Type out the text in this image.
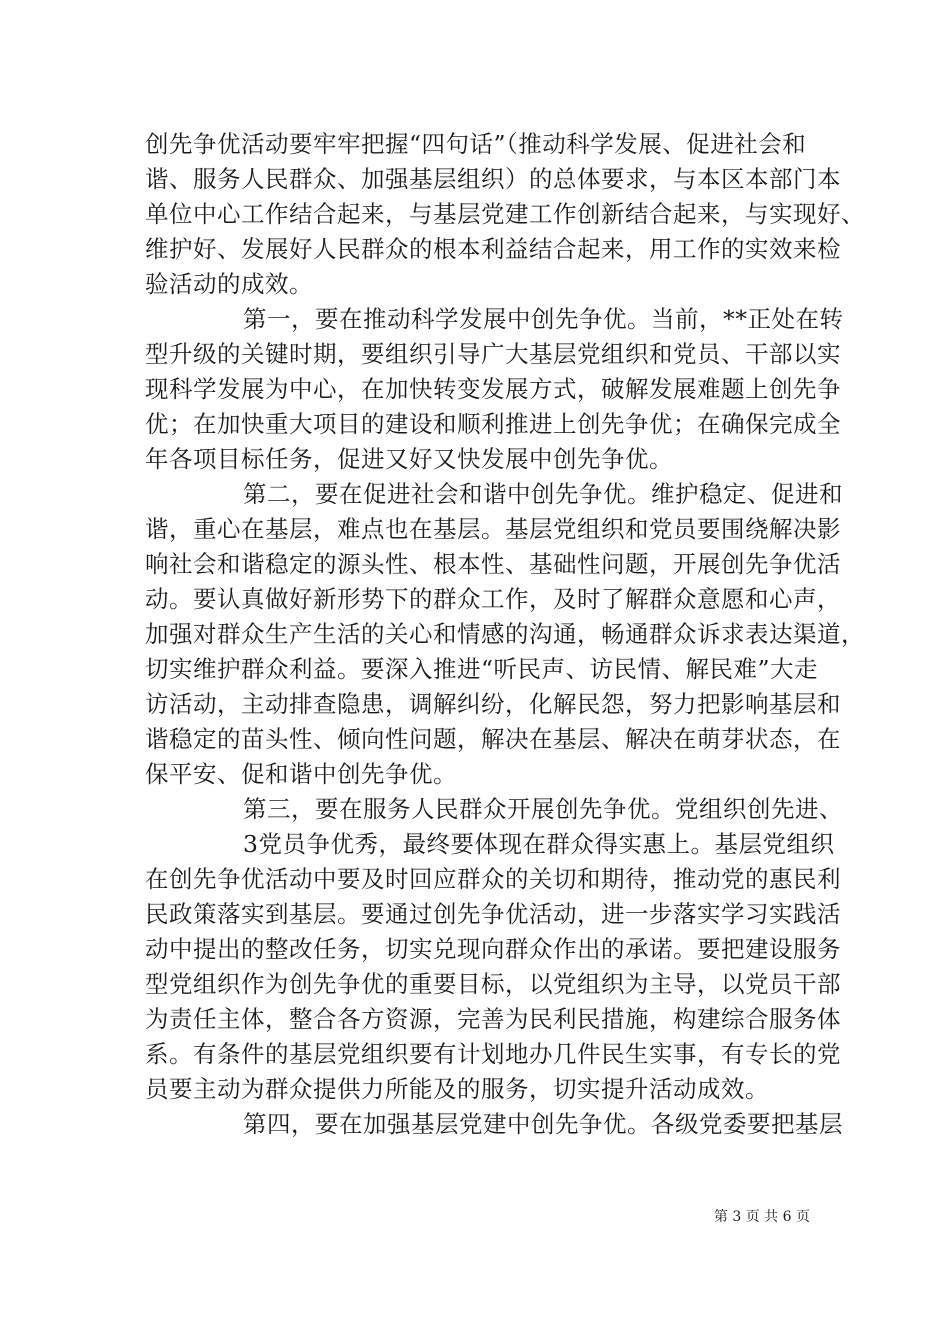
创先争优活动要牢牢把握“四句话”（推动科学发展、促进社会和
谐、服务人民群众、加强基层组织）的总体要求，与本区本部门本
单位中心工作结合起来，与基层党建工作创新结合起来，与实现好、
维护好、发展好人民群众的根本利益结合起来，用工作的实效来检
验活动的成效。
第一，要在推动科学发展中创先争优。当前，**正处在转
型升级的关键时期，要组织引导广大基层党组织和党员、干部以实
现科学发展为中心，在加快转变发展方式，破解发展难题上创先争
优；在加快重大项目的建设和顺利推进上创先争优；在确保完成全
年各项目标任务，促进又好又快发展中创先争优。
第二，要在促进社会和谐中创先争优。维护稳定、促进和
谐，重心在基层，难点也在基层。基层党组织和党员要围绕解决影
响社会和谐稳定的源头性、根本性、基础性问题，开展创先争优活
动。要认真做好新形势下的群众工作，及时了解群众意愿和心声，
加强对群众生产生活的关心和情感的沟通，畅通群众诉求表达渠道，
切实维护群众利益。要深入推进“听民声、访民情、解民难”大走
访活动，主动排查隐患，调解纠纷，化解民怨，努力把影响基层和
谐稳定的苗头性、倾向性问题，解决在基层、解决在萌芽状态，在
保平安、促和谐中创先争优。
第三，要在服务人民群众开展创先争优。党组织创先进、
3党员争优秀，最终要体现在群众得实惠上。基层党组织
在创先争优活动中要及时回应群众的关切和期待，推动党的惠民利
民政策落实到基层。要通过创先争优活动，进一步落实学习实践活
动中提出的整改任务，切实兑现向群众作出的承诺。要把建设服务
型党组织作为创先争优的重要目标，以党组织为主导，以党员干部
为责任主体，整合各方资源，完善为民利民措施，构建综合服务体
系。有条件的基层党组织要有计划地办几件民生实事，有专长的党
员要主动为群众提供力所能及的服务，切实提升活动成效。
第四，要在加强基层党建中创先争优。各级党委要把基层
第 3 页 共 6 页
